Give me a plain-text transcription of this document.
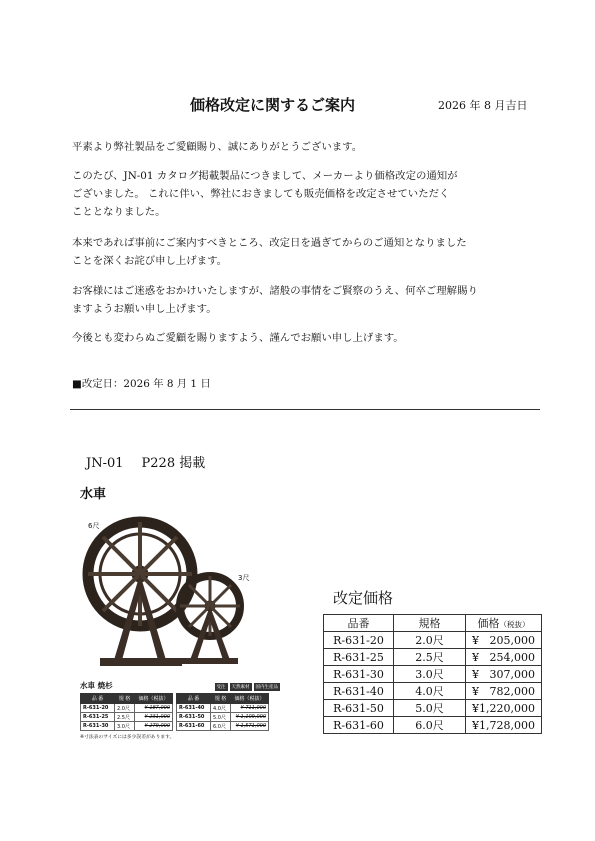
価格改定に関するご案内	2026 年 8 月吉日

平素より弊社製品をご愛顧賜り、誠にありがとうございます。

このたび、JN-01 カタログ掲載製品につきまして、メーカーより価格改定の通知が

ございました。 これに伴い、弊社におきましても販売価格を改定させていただく

こととなりました。

本来であれば事前にご案内すべきところ、改定日を過ぎてからのご通知となりました

ことを深くお詫び申し上げます。

お客様にはご迷惑をおかけいたしますが、諸般の事情をご賢察のうえ、何卒ご理解賜り

ますようお願い申し上げます。

今後とも変わらぬご愛顧を賜りますよう、謹んでお願い申し上げます。

■改定日：2026 年 8 月 1 日
JN-01 P228 掲載
水車
6尺
3尺
水車 焼杉	受注	天然素材	国内生産品
品 番	規 格	価格（税抜）
R-631-20	2.0尺	¥ 187,000
R-631-25	2.5尺	¥ 231,000
R-631-30	3.0尺	¥ 279,000
品 番	規 格	価格（税抜）
R-631-40	4.0尺	¥ 711,000
R-631-50	5.0尺	¥ 1,109,000
R-631-60	6.0尺	¥ 1,571,000
※寸法表のサイズには多少誤差があります。
改定価格
品番	規格	価格（税抜）
R-631-20	2.0尺	¥ 205,000

R-631-25	2.5尺	¥ 254,000

R-631-30	3.0尺	¥ 307,000

R-631-40	4.0尺	¥ 782,000

R-631-50	5.0尺	¥ 1,220,000

R-631-60	6.0尺	¥ 1,728,000
